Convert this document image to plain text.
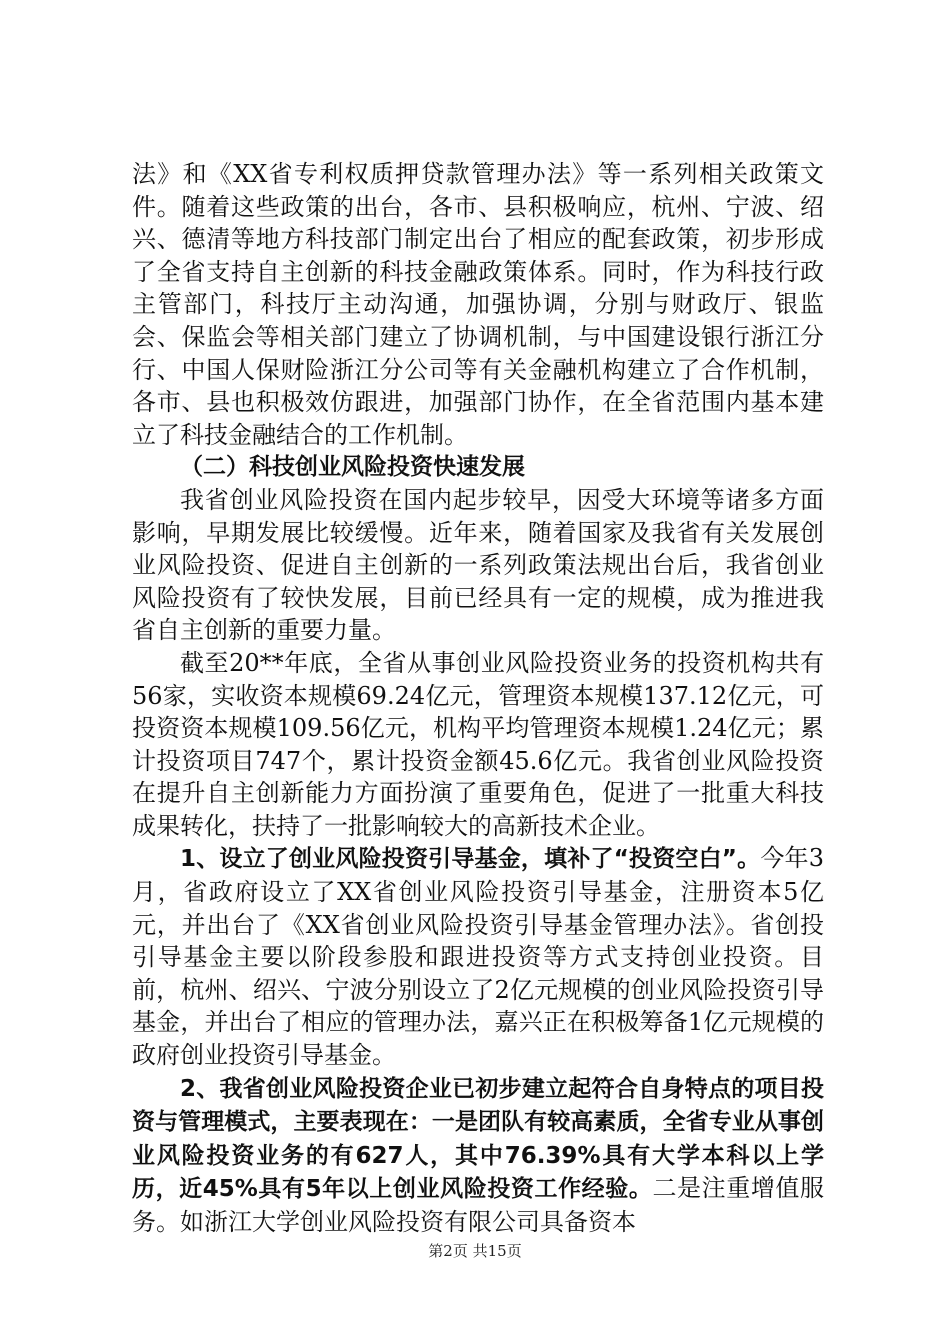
法》和《XX省专利权质押贷款管理办法》等一系列相关政策文件。随着这些政策的出台，各市、县积极响应，杭州、宁波、绍兴、德清等地方科技部门制定出台了相应的配套政策，初步形成了全省支持自主创新的科技金融政策体系。同时，作为科技行政主管部门，科技厅主动沟通，加强协调，分别与财政厅、银监会、保监会等相关部门建立了协调机制，与中国建设银行浙江分行、中国人保财险浙江分公司等有关金融机构建立了合作机制，各市、县也积极效仿跟进，加强部门协作，在全省范围内基本建立了科技金融结合的工作机制。

（二）科技创业风险投资快速发展

我省创业风险投资在国内起步较早，因受大环境等诸多方面影响，早期发展比较缓慢。近年来，随着国家及我省有关发展创业风险投资、促进自主创新的一系列政策法规出台后，我省创业风险投资有了较快发展，目前已经具有一定的规模，成为推进我省自主创新的重要力量。

截至20**年底，全省从事创业风险投资业务的投资机构共有56家，实收资本规模69.24亿元，管理资本规模137.12亿元，可投资资本规模109.56亿元，机构平均管理资本规模1.24亿元；累计投资项目747个，累计投资金额45.6亿元。我省创业风险投资在提升自主创新能力方面扮演了重要角色，促进了一批重大科技成果转化，扶持了一批影响较大的高新技术企业。

1、设立了创业风险投资引导基金，填补了“投资空白”。今年3月，省政府设立了XX省创业风险投资引导基金，注册资本5亿元，并出台了《XX省创业风险投资引导基金管理办法》。省创投引导基金主要以阶段参股和跟进投资等方式支持创业投资。目前，杭州、绍兴、宁波分别设立了2亿元规模的创业风险投资引导基金，并出台了相应的管理办法，嘉兴正在积极筹备1亿元规模的政府创业投资引导基金。

2、我省创业风险投资企业已初步建立起符合自身特点的项目投资与管理模式，主要表现在：一是团队有较高素质，全省专业从事创业风险投资业务的有627人，其中76.39%具有大学本科以上学历，近45%具有5年以上创业风险投资工作经验。二是注重增值服务。如浙江大学创业风险投资有限公司具备资本

第2页 共15页
